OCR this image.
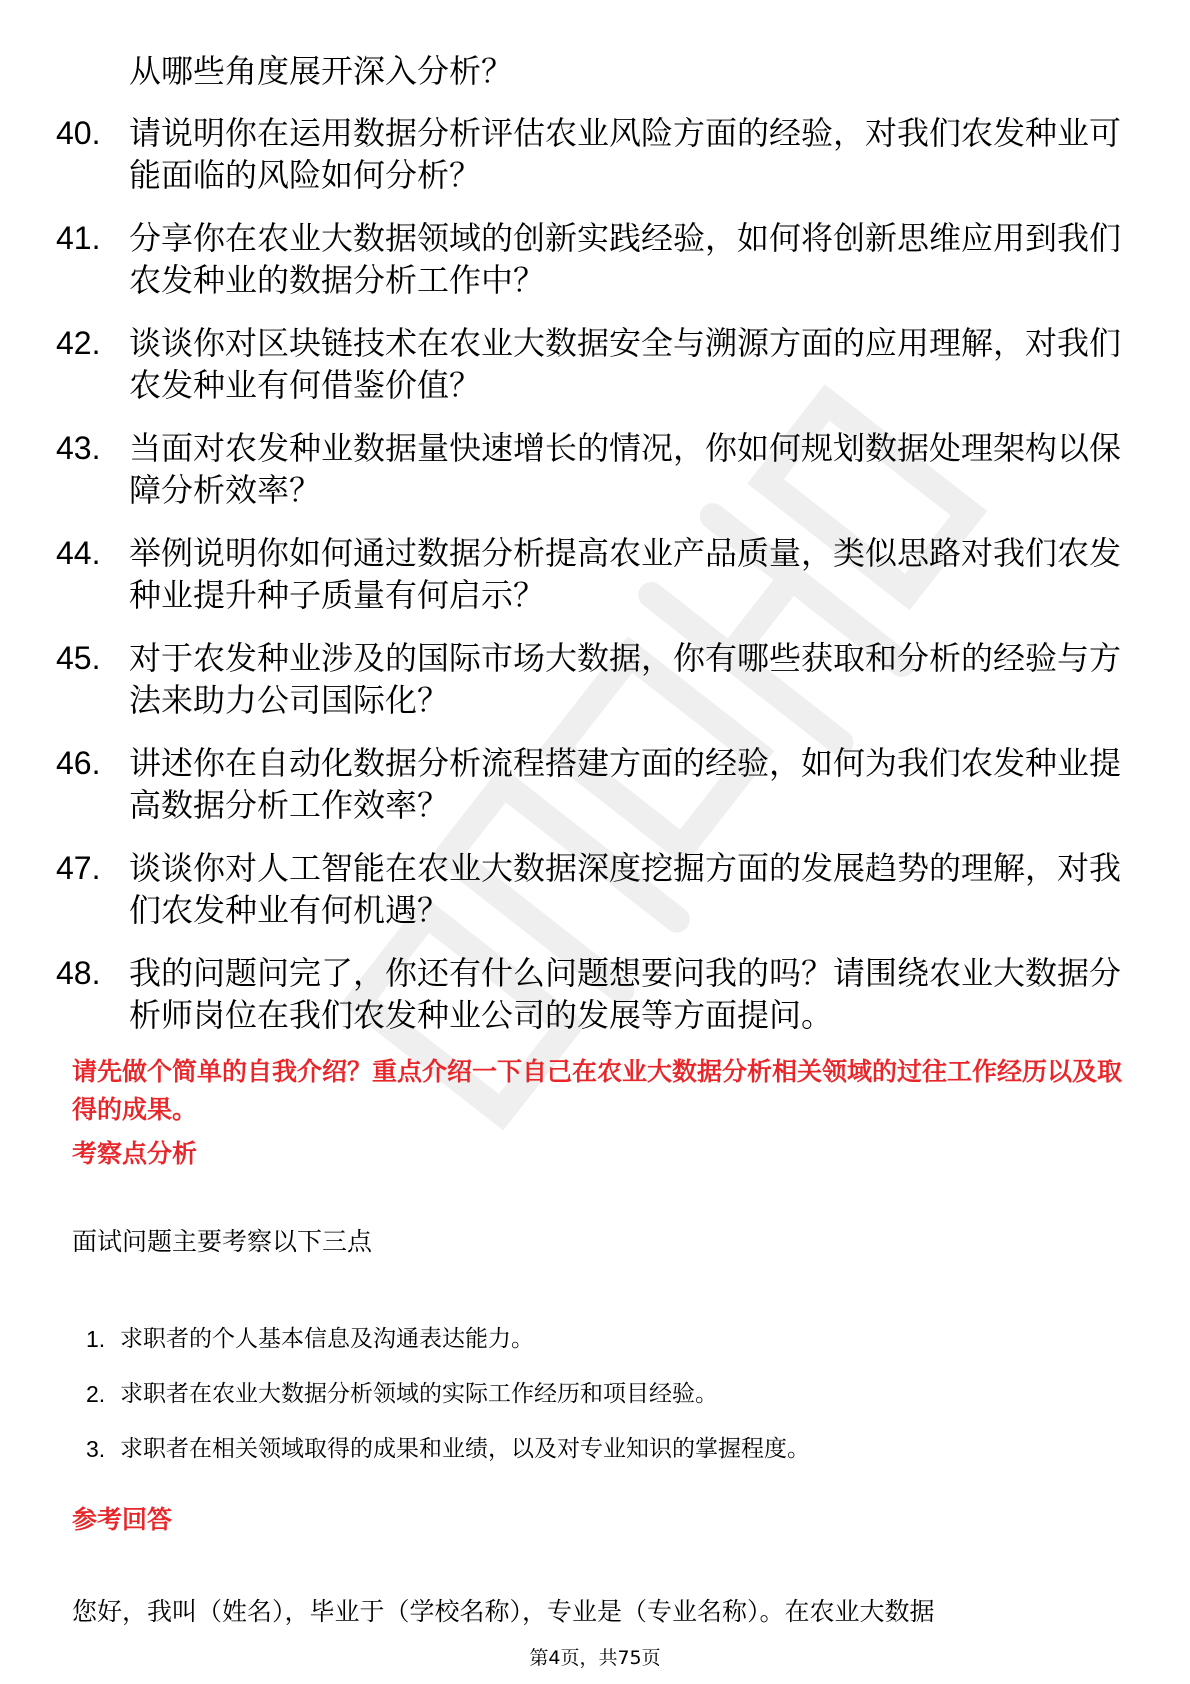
从哪些角度展开深入分析？

40. 请说明你在运用数据分析评估农业风险方面的经验，对我们农发种业可能面临的风险如何分析？
41. 分享你在农业大数据领域的创新实践经验，如何将创新思维应用到我们农发种业的数据分析工作中？
42. 谈谈你对区块链技术在农业大数据安全与溯源方面的应用理解，对我们农发种业有何借鉴价值？
43. 当面对农发种业数据量快速增长的情况，你如何规划数据处理架构以保障分析效率？
44. 举例说明你如何通过数据分析提高农业产品质量，类似思路对我们农发种业提升种子质量有何启示？
45. 对于农发种业涉及的国际市场大数据，你有哪些获取和分析的经验与方法来助力公司国际化？
46. 讲述你在自动化数据分析流程搭建方面的经验，如何为我们农发种业提高数据分析工作效率？
47. 谈谈你对人工智能在农业大数据深度挖掘方面的发展趋势的理解，对我们农发种业有何机遇？
48. 我的问题问完了，你还有什么问题想要问我的吗？请围绕农业大数据分析师岗位在我们农发种业公司的发展等方面提问。

请先做个简单的自我介绍？重点介绍一下自己在农业大数据分析相关领域的过往工作经历以及取得的成果。

考察点分析

面试问题主要考察以下三点

1. 求职者的个人基本信息及沟通表达能力。
2. 求职者在农业大数据分析领域的实际工作经历和项目经验。
3. 求职者在相关领域取得的成果和业绩，以及对专业知识的掌握程度。
参考回答

您好，我叫（姓名），毕业于（学校名称），专业是（专业名称）。在农业大数据

第4页，共75页
